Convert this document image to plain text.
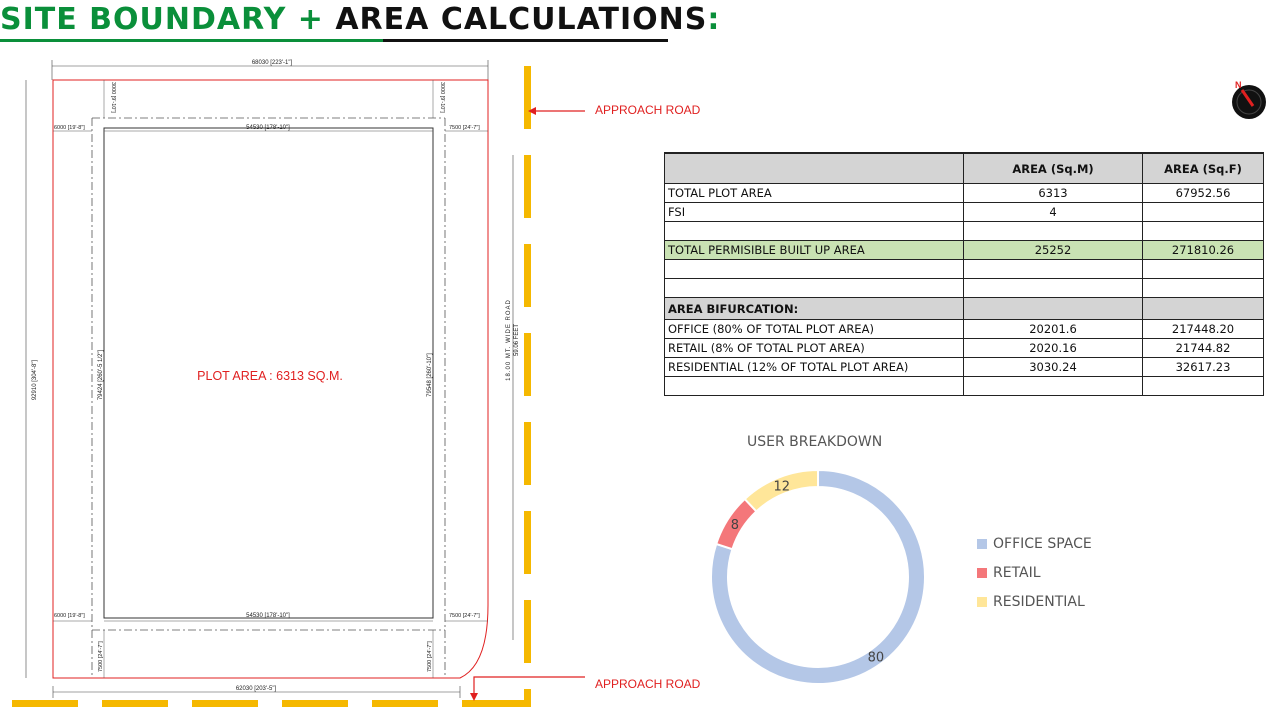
SITE BOUNDARY + AREA CALCULATIONS:
68030 [223'-1"]
92910 [304'-8"]
54530 [178'-10"]
54530 [178'-10"]
6000 [19'-8"]	7500 [24'-7"]
6000 [19'-8"]	7500 [24'-7"]
3000 [9'-10"]	3000 [9'-10"]
7500 [24'-7"]	7500 [24'-7"]
79424 [260'-5 1/2"]	79548 [260'-10"]
PLOT AREA : 6313 SQ.M.
62030 [203'-5"]
18.00 MT. WIDE ROAD 59.06 FEET
APPROACH ROAD
APPROACH ROAD
N
	AREA (Sq.M)	AREA (Sq.F)
TOTAL PLOT AREA	6313	67952.56
FSI	4	

TOTAL PERMISIBLE BUILT UP AREA	25252	271810.26

AREA BIFURCATION:		
OFFICE (80% OF TOTAL PLOT AREA)	20201.6	217448.20
RETAIL (8% OF TOTAL PLOT AREA)	2020.16	21744.82
RESIDENTIAL (12% OF TOTAL PLOT AREA)	3030.24	32617.23

USER BREAKDOWN
80
8
12
OFFICE SPACE
RETAIL
RESIDENTIAL
